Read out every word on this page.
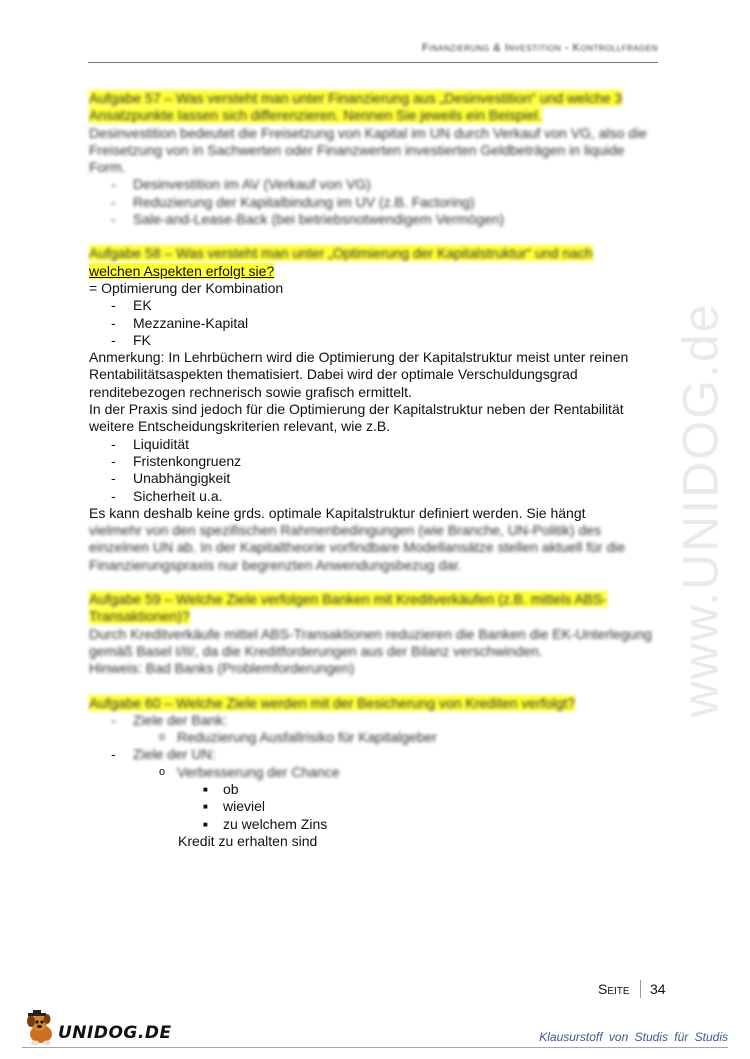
Finanzierung & Investition - Kontrollfragen
www.UNIDOG.de

Aufgabe 57 – Was versteht man unter Finanzierung aus „Desinvestition“ und welche 3 Ansatzpunkte lassen sich differenzieren. Nennen Sie jeweils ein Beispiel.

Desinvestition bedeutet die Freisetzung von Kapital im UN durch Verkauf von VG, also die Freisetzung von in Sachwerten oder Finanzwerten investierten Geldbeträgen in liquide Form.

- Desinvestition im AV (Verkauf von VG)
- Reduzierung der Kapitalbindung im UV (z.B. Factoring)
- Sale-and-Lease-Back (bei betriebsnotwendigem Vermögen)

Aufgabe 58 – Was versteht man unter „Optimierung der Kapitalstruktur“ und nach

welchen Aspekten erfolgt sie?

= Optimierung der Kombination

- EK
- Mezzanine-Kapital
- FK

Anmerkung: In Lehrbüchern wird die Optimierung der Kapitalstruktur meist unter reinen Rentabilitätsaspekten thematisiert. Dabei wird der optimale Verschuldungsgrad renditebezogen rechnerisch sowie grafisch ermittelt.

In der Praxis sind jedoch für die Optimierung der Kapitalstruktur neben der Rentabilität weitere Entscheidungskriterien relevant, wie z.B.

- Liquidität
- Fristenkongruenz
- Unabhängigkeit
- Sicherheit u.a.

Es kann deshalb keine grds. optimale Kapitalstruktur definiert werden. Sie hängt

vielmehr von den spezifischen Rahmenbedingungen (wie Branche, UN-Politik) des einzelnen UN ab. In der Kapitaltheorie vorfindbare Modellansätze stellen aktuell für die Finanzierungspraxis nur begrenzten Anwendungsbezug dar.

Aufgabe 59 – Welche Ziele verfolgen Banken mit Kreditverkäufen (z.B. mittels ABS-Transaktionen)?

Durch Kreditverkäufe mittel ABS-Transaktionen reduzieren die Banken die EK-Unterlegung gemäß Basel I/II/, da die Kreditforderungen aus der Bilanz verschwinden.

Hinweis: Bad Banks (Problemforderungen)

Aufgabe 60 – Welche Ziele werden mit der Besicherung von Krediten verfolgt?

- Ziele der Bank:
o Reduzierung Ausfallrisiko für Kapitalgeber
- Ziele der UN:
o Verbesserung der Chance
■ ob
■ wieviel
■ zu welchem Zins

Kredit zu erhalten sind

Seite 34
UNIDOG.DE	Klausurstoff von Studis für Studis
